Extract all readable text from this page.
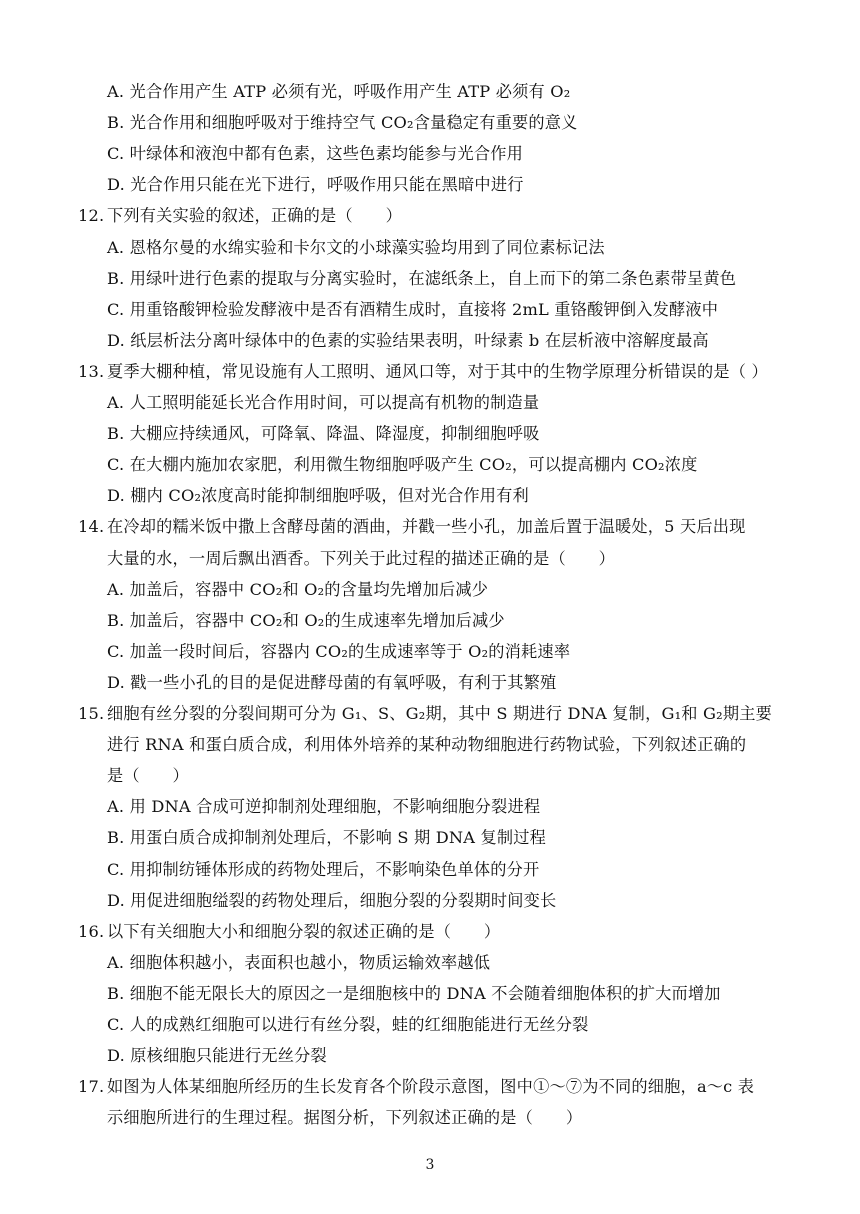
A. 光合作用产生 ATP 必须有光，呼吸作用产生 ATP 必须有 O₂
B. 光合作用和细胞呼吸对于维持空气 CO₂含量稳定有重要的意义
C. 叶绿体和液泡中都有色素，这些色素均能参与光合作用
D. 光合作用只能在光下进行，呼吸作用只能在黑暗中进行
12. 下列有关实验的叙述，正确的是（　　）
A. 恩格尔曼的水绵实验和卡尔文的小球藻实验均用到了同位素标记法
B. 用绿叶进行色素的提取与分离实验时，在滤纸条上，自上而下的第二条色素带呈黄色
C. 用重铬酸钾检验发酵液中是否有酒精生成时，直接将 2mL 重铬酸钾倒入发酵液中
D. 纸层析法分离叶绿体中的色素的实验结果表明，叶绿素 b 在层析液中溶解度最高
13. 夏季大棚种植，常见设施有人工照明、通风口等，对于其中的生物学原理分析错误的是（ ）
A. 人工照明能延长光合作用时间，可以提高有机物的制造量
B. 大棚应持续通风，可降氧、降温、降湿度，抑制细胞呼吸
C. 在大棚内施加农家肥，利用微生物细胞呼吸产生 CO₂，可以提高棚内 CO₂浓度
D. 棚内 CO₂浓度高时能抑制细胞呼吸，但对光合作用有利
14. 在冷却的糯米饭中撒上含酵母菌的酒曲，并戳一些小孔，加盖后置于温暖处，5 天后出现
大量的水，一周后飘出酒香。下列关于此过程的描述正确的是（　　）
A. 加盖后，容器中 CO₂和 O₂的含量均先增加后减少
B. 加盖后，容器中 CO₂和 O₂的生成速率先增加后减少
C. 加盖一段时间后，容器内 CO₂的生成速率等于 O₂的消耗速率
D. 戳一些小孔的目的是促进酵母菌的有氧呼吸，有利于其繁殖
15. 细胞有丝分裂的分裂间期可分为 G₁、S、G₂期，其中 S 期进行 DNA 复制，G₁和 G₂期主要
进行 RNA 和蛋白质合成，利用体外培养的某种动物细胞进行药物试验，下列叙述正确的
是（　　）
A. 用 DNA 合成可逆抑制剂处理细胞，不影响细胞分裂进程
B. 用蛋白质合成抑制剂处理后，不影响 S 期 DNA 复制过程
C. 用抑制纺锤体形成的药物处理后，不影响染色单体的分开
D. 用促进细胞缢裂的药物处理后，细胞分裂的分裂期时间变长
16. 以下有关细胞大小和细胞分裂的叙述正确的是（　　）
A. 细胞体积越小，表面积也越小，物质运输效率越低
B. 细胞不能无限长大的原因之一是细胞核中的 DNA 不会随着细胞体积的扩大而增加
C. 人的成熟红细胞可以进行有丝分裂，蛙的红细胞能进行无丝分裂
D. 原核细胞只能进行无丝分裂
17. 如图为人体某细胞所经历的生长发育各个阶段示意图，图中①～⑦为不同的细胞，a～c 表
示细胞所进行的生理过程。据图分析，下列叙述正确的是（　　）
3
